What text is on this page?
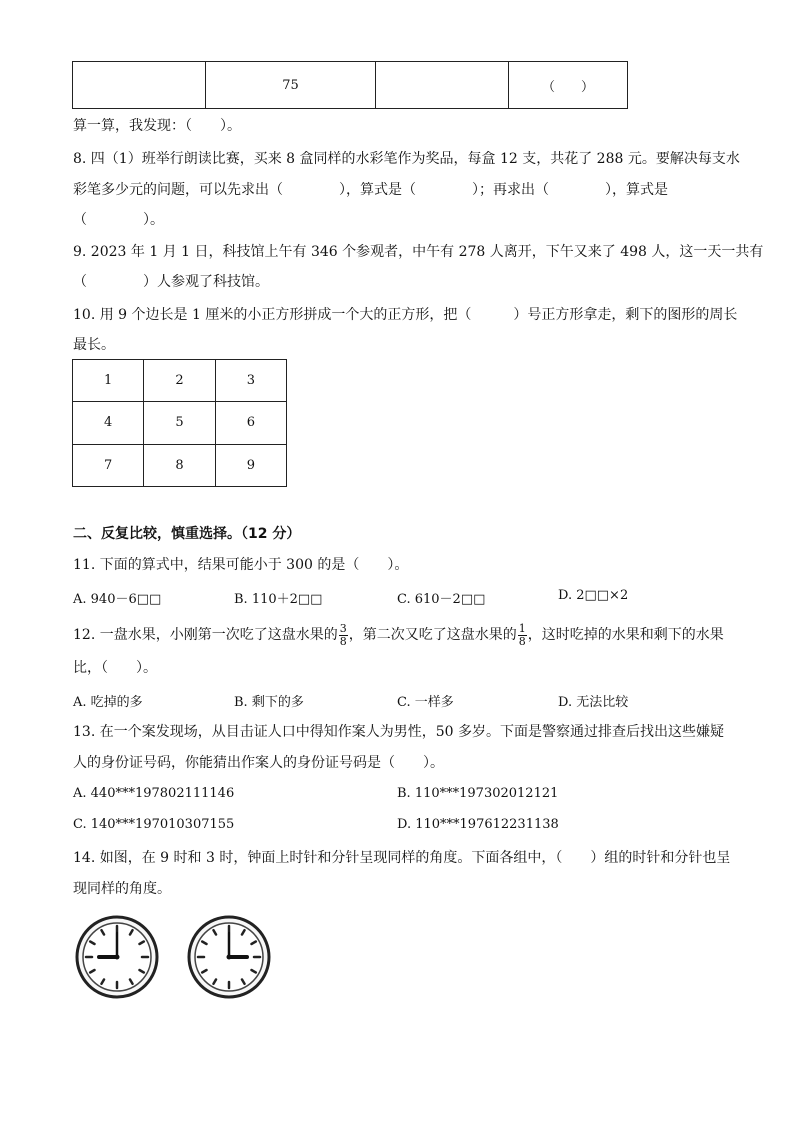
	75		（　　）
算一算，我发现：（　　）。
8. 四（1）班举行朗读比赛，买来 8 盒同样的水彩笔作为奖品，每盒 12 支，共花了 288 元。要解决每支水
彩笔多少元的问题，可以先求出（　　　　），算式是（　　　　）；再求出（　　　　），算式是
（　　　　）。
9. 2023 年 1 月 1 日，科技馆上午有 346 个参观者，中午有 278 人离开，下午又来了 498 人，这一天一共有
（　　　　）人参观了科技馆。
10. 用 9 个边长是 1 厘米的小正方形拼成一个大的正方形，把（　　　）号正方形拿走，剩下的图形的周长
最长。
1	2	3
4	5	6
7	8	9
二、反复比较，慎重选择。（12 分）
11. 下面的算式中，结果可能小于 300 的是（　　）。
A. 940－6□□	B. 110＋2□□	C. 610－2□□	D. 2□□×2
12. 一盘水果，小刚第一次吃了这盘水果的 $\frac{3}{8}$ ，第二次又吃了这盘水果的 $\frac{1}{8}$ ，这时吃掉的水果和剩下的水果
比，（　　）。
A. 吃掉的多	B. 剩下的多	C. 一样多	D. 无法比较
13. 在一个案发现场，从目击证人口中得知作案人为男性，50 多岁。下面是警察通过排查后找出这些嫌疑
人的身份证号码，你能猜出作案人的身份证号码是（　　）。
A. 440***197802111146	B. 110***197302012121
C. 140***197010307155	D. 110***197612231138
14. 如图，在 9 时和 3 时，钟面上时针和分针呈现同样的角度。下面各组中，（　　）组的时针和分针也呈
现同样的角度。
